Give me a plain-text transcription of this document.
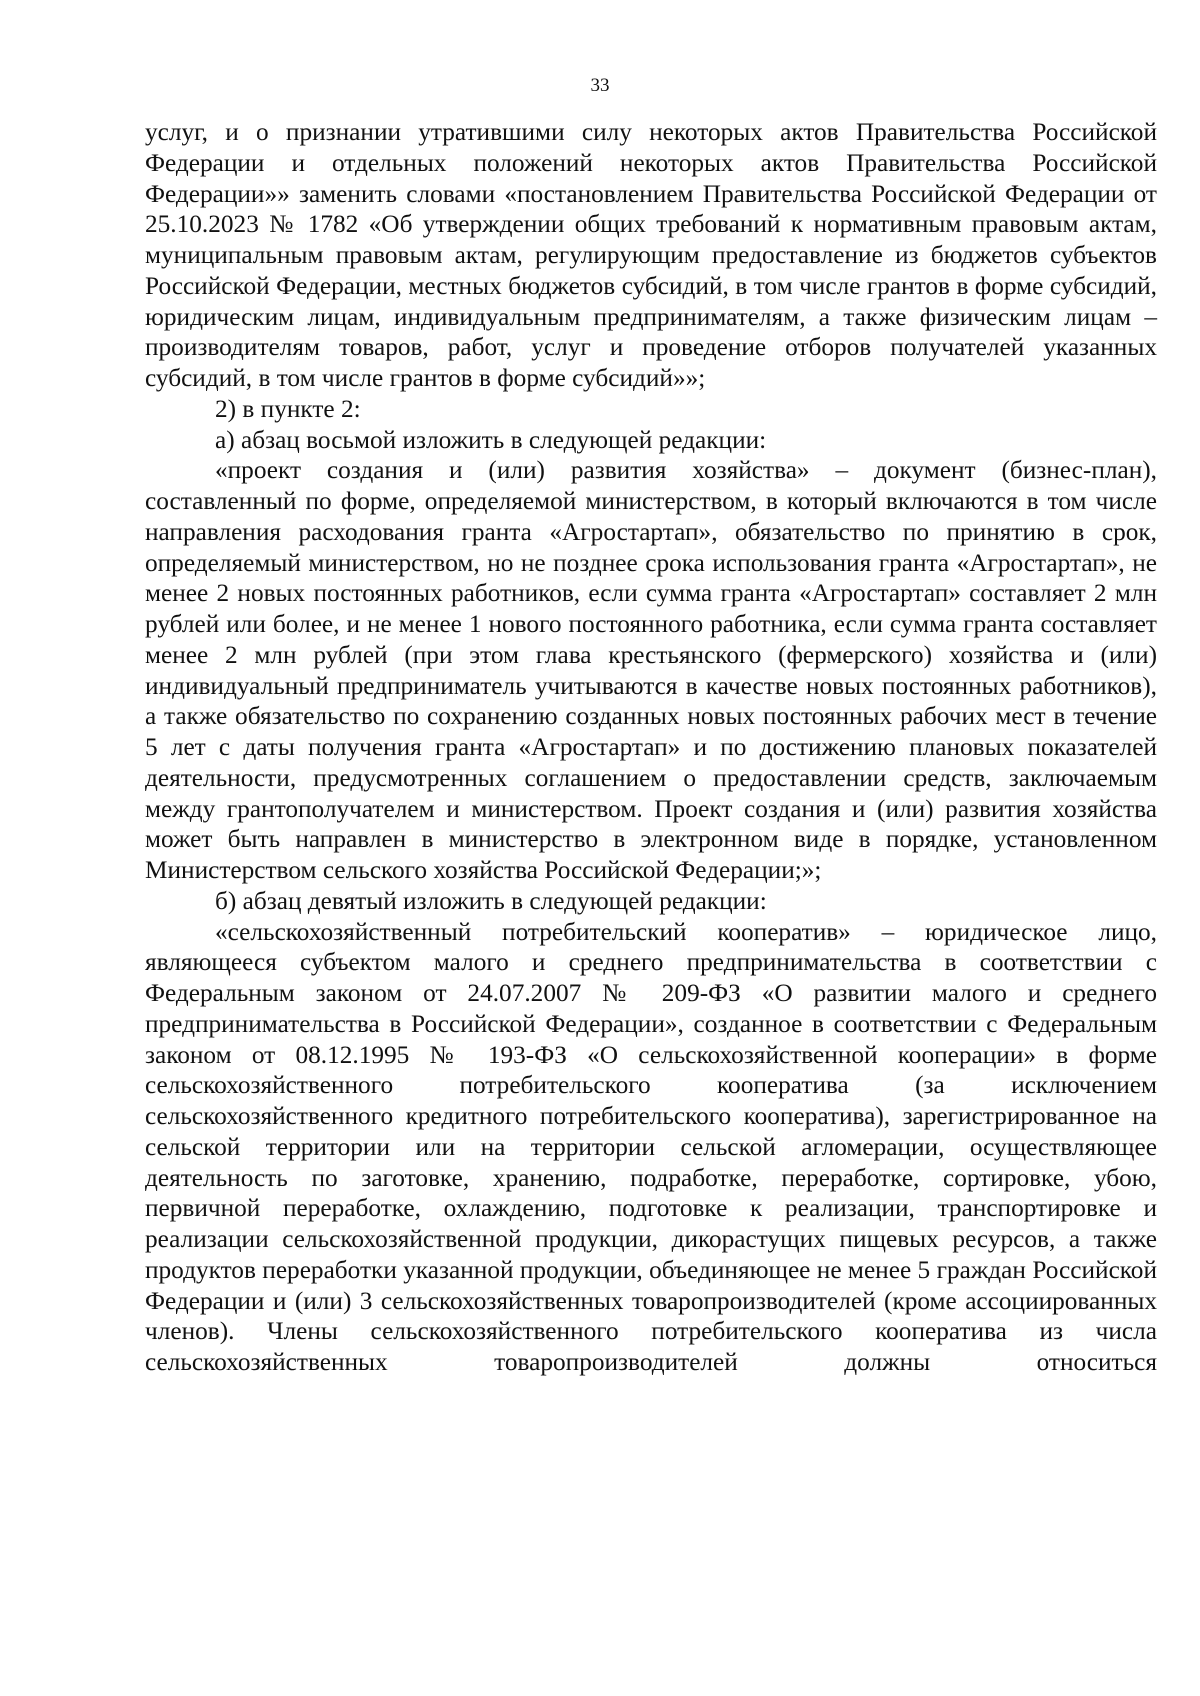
33

услуг, и о признании утратившими силу некоторых актов Правительства Российской Федерации и отдельных положений некоторых актов Правительства Российской Федерации»» заменить словами «постановлением Правительства Российской Федерации от 25.10.2023 № 1782 «Об утверждении общих требований к нормативным правовым актам, муниципальным правовым актам, регулирующим предоставление из бюджетов субъектов Российской Федерации, местных бюджетов субсидий, в том числе грантов в форме субсидий, юридическим лицам, индивидуальным предпринимателям, а также физическим лицам – производителям товаров, работ, услуг и проведение отборов получателей указанных субсидий, в том числе грантов в форме субсидий»»;

2) в пункте 2:

а) абзац восьмой изложить в следующей редакции:

«проект создания и (или) развития хозяйства» – документ (бизнес-план), составленный по форме, определяемой министерством, в который включаются в том числе направления расходования гранта «Агростартап», обязательство по принятию в срок, определяемый министерством, но не позднее срока использования гранта «Агростартап», не менее 2 новых постоянных работников, если сумма гранта «Агростартап» составляет 2 млн рублей или более, и не менее 1 нового постоянного работника, если сумма гранта составляет менее 2 млн рублей (при этом глава крестьянского (фермерского) хозяйства и (или) индивидуальный предприниматель учитываются в качестве новых постоянных работников), а также обязательство по сохранению созданных новых постоянных рабочих мест в течение 5 лет с даты получения гранта «Агростартап» и по достижению плановых показателей деятельности, предусмотренных соглашением о предоставлении средств, заключаемым между грантополучателем и министерством. Проект создания и (или) развития хозяйства может быть направлен в министерство в электронном виде в порядке, установленном Министерством сельского хозяйства Российской Федерации;»;

б) абзац девятый изложить в следующей редакции:

«сельскохозяйственный потребительский кооператив» – юридическое лицо, являющееся субъектом малого и среднего предпринимательства в соответствии с Федеральным законом от 24.07.2007 № 209-ФЗ «О развитии малого и среднего предпринимательства в Российской Федерации», созданное в соответствии с Федеральным законом от 08.12.1995 № 193-ФЗ «О сельскохозяйственной кооперации» в форме сельскохозяйственного потребительского кооператива (за исключением сельскохозяйственного кредитного потребительского кооператива), зарегистрированное на сельской территории или на территории сельской агломерации, осуществляющее деятельность по заготовке, хранению, подработке, переработке, сортировке, убою, первичной переработке, охлаждению, подготовке к реализации, транспортировке и реализации сельскохозяйственной продукции, дикорастущих пищевых ресурсов, а также продуктов переработки указанной продукции, объединяющее не менее 5 граждан Российской Федерации и (или) 3 сельскохозяйственных товаропроизводителей (кроме ассоциированных членов). Члены сельскохозяйственного потребительского кооператива из числа сельскохозяйственных товаропроизводителей должны относиться
